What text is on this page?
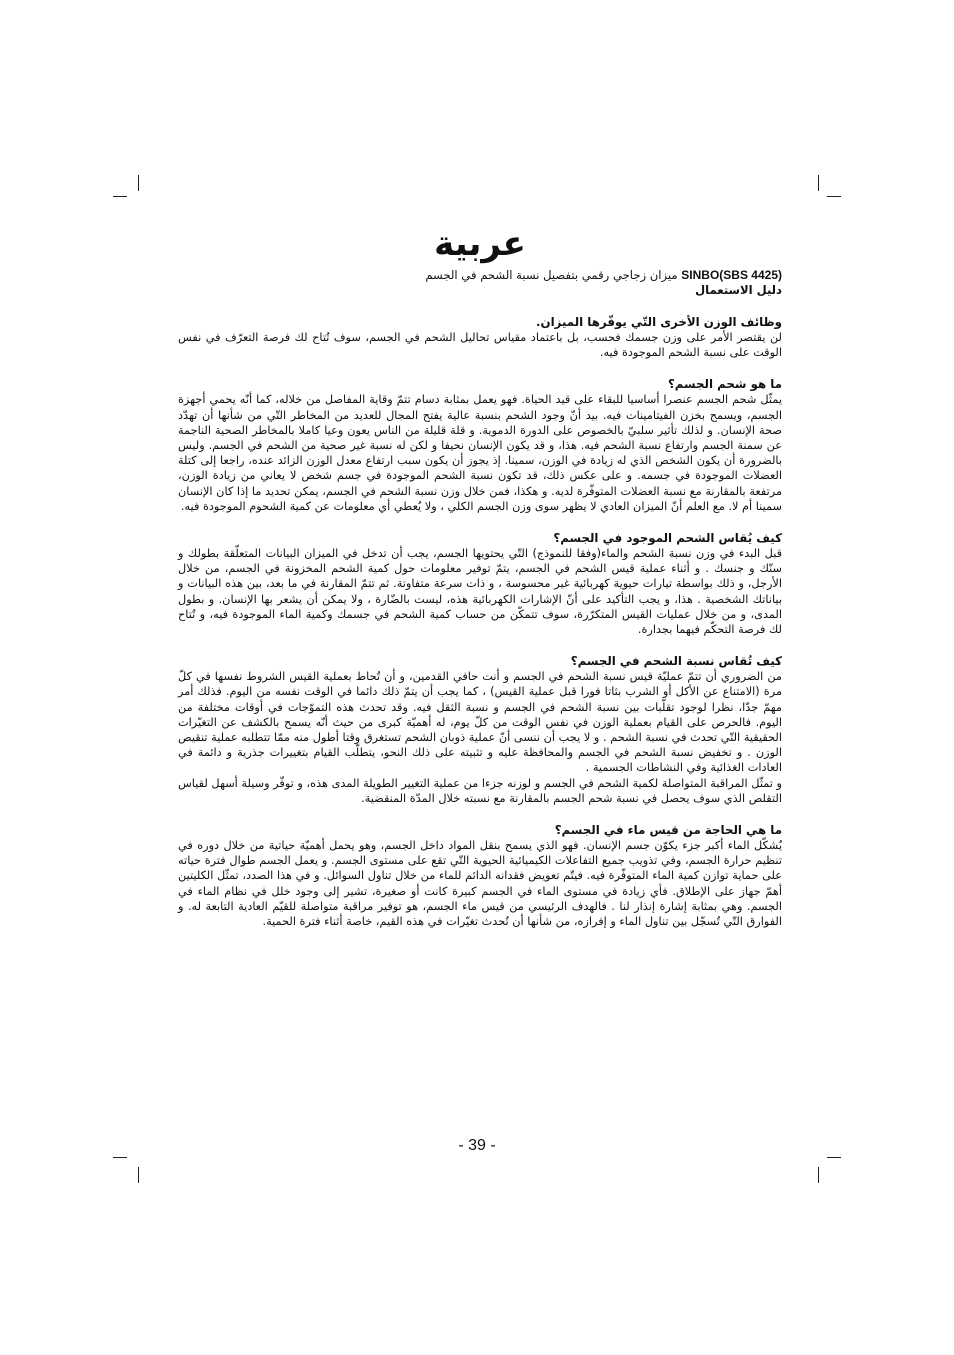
عربية
SINBO(SBS 4425) ميزان زجاجي رقمي بتفصيل نسبة الشحم في الجسم
دليل الاستعمال
وظائف الوزن الأخرى التّي يوفّرها الميزان.

لن يقتصر الأمر على وزن جسمك فحسب، بل باعتماد مقياس تحاليل الشحم في الجسم، سوف تُتاح لك فرصة التعرّف في نفس الوقت على نسبة الشحم الموجودة فيه.

ما هو شحم الجسم؟

يمثّل شحم الجسم عنصرا أساسيا للبقاء على قيد الحياة. فهو يعمل بمثابة دسام تتمّ وقاية المفاصل من خلاله، كما أنّه يحمي أجهزة الجسم، ويسمح بخزن الفيتامينات فيه. بيد أنّ وجود الشحم بنسبة عالية يفتح المجال للعديد من المخاطر التّي من شأنها أن تهدّد صحة الإنسان. و لذلك تأثير سلبيّ بالخصوص على الدورة الدموية. و قلة قليلة من الناس يعون وعيا كاملا بالمخاطر الصحية الناجمة عن سمنة الجسم وارتفاع نسبة الشحم فيه. هذا، و قد يكون الإنسان نحيفا و لكن له نسبة غير صحية من الشحم في الجسم. وليس بالضرورة أن يكون الشخص الذي له زيادة في الوزن، سمينا. إذ يجوز أن يكون سبب ارتفاع معدل الوزن الزائد عنده، راجعا إلى كتلة العضلات الموجودة في جسمه. و على عكس ذلك، قد تكون نسبة الشحم الموجودة في جسم شخص لا يعاني من زيادة الوزن، مرتفعة بالمقارنة مع نسبة العضلات المتوفّرة لديه. و هكذا، فمن خلال وزن نسبة الشحم في الجسم، يمكن تحديد ما إذا كان الإنسان سمينا أم لا. مع العلم أنّ الميزان العادي لا يظهر سوى وزن الجسم الكلي ، ولا يُعطي أي معلومات عن كمية الشحوم الموجودة فيه.

كيف يُقاس الشحم الموجود في الجسم؟

قبل البدء في وزن نسبة الشحم والماء(وفقا للنموذج) التّي يحتويها الجسم، يجب أن تدخل في الميزان البيانات المتعلّقة بطولك و سنّك و جنسك . و أثناء عملية قيس الشحم في الجسم، يتمّ توفير معلومات حول كمية الشحم المخزونة في الجسم، من خلال الأرجل، و ذلك بواسطة تيارات حيوية كهربائية غير محسوسة ، و ذات سرعة متفاوتة. ثم تتمّ المقارنة في ما بعد، بين هذه البيانات و بياناتك الشخصية . هذا، و يجب التأكيد على أنّ الإشارات الكهربائية هذه، ليست بالضّارة ، ولا يمكن أن يشعر بها الإنسان. و بطول المدى، و من خلال عمليات القيس المتكرّرة، سوف تتمكّن من حساب كمية الشحم في جسمك وكمية الماء الموجودة فيه، و تُتاح لك فرصة التحكّم فيهما بجدارة.

كيف تُقاس نسبة الشحم في الجسم؟

من الضروري أن تتمّ عمليّة قيس نسبة الشحم في الجسم و أنت حافي القدمين، و أن تُحاط بعملية القيس الشروط نفسها في كلّ مرة (الامتناع عن الأكل أو الشرب بثاتا فورا قبل عملية القيس) ، كما يجب أن يتمّ ذلك دائما في الوقت نفسه من اليوم. فذلك أمر مهمّ جدّا، نظرا لوجود تقلّبات بين نسبة الشحم في الجسم و نسبة الثقل فيه. وقد تحدث هذه التموّجات في أوقات مختلفة من اليوم. فالحرص على القيام بعملية الوزن في نفس الوقت من كلّ يوم، له أهميّة كبرى من حيث أنّه يسمح بالكشف عن التغيّرات الحقيقية التّي تحدث في نسبة الشحم . و لا يجب أن ننسى أنّ عملية ذوبان الشحم تستغرق وقتا أطول منه ممّا تتطلبه عملية تنقيص الوزن . و تخفيض نسبة الشحم في الجسم والمحافظة عليه و تثبيته على ذلك النحو، يتطلّب القيام بتغييرات جذرية و دائمة في العادات الغذائية وفي النشاطات الجسمية .

و تمثّل المراقبة المتواصلة لكمية الشحم في الجسم و لوزنه جزءا من عملية التغيير الطويلة المدى هذه، و توفّر وسيلة أسهل لقياس التقلص الذي سوف يحصل في نسبة شحم الجسم بالمقارنة مع نسبته خلال المدّة المنقضية.

ما هي الحاجة من قيس ماء في الجسم؟

يُشكّل الماء أكبر جزء يكوّن جسم الإنسان. فهو الذي يسمح بنقل المواد داخل الجسم، وهو يحمل أهميّة حياتية من خلال دوره في تنظيم حرارة الجسم، وفي تذويب جميع التفاعلات الكيميائية الحيوية التّي تقع على مستوى الجسم. و يعمل الجسم طوال فترة حياته على حماية توازن كمية الماء المتوفّرة فيه. فيتّم تعويض فقدانه الدائم للماء من خلال تناول السوائل. و في هذا الصدد، تمثّل الكليتين أهمّ جهاز على الإطلاق. فأي زيادة في مستوى الماء في الجسم كبيرة كانت أو صغيرة، تشير إلى وجود خلل في نظام الماء في الجسم. وهي بمثابة إشارة إنذار لنا . فالهدف الرئيسي من قيس ماء الجسم، هو توفير مراقبة متواصلة للقيّم العادية التابعة له. و الفوارق التّي تُسجّل بين تناول الماء و إفرازه، من شأنها أن تُحدث تغيّرات في هذه القيم، خاصة أثناء فترة الحمية.

- 39 -
